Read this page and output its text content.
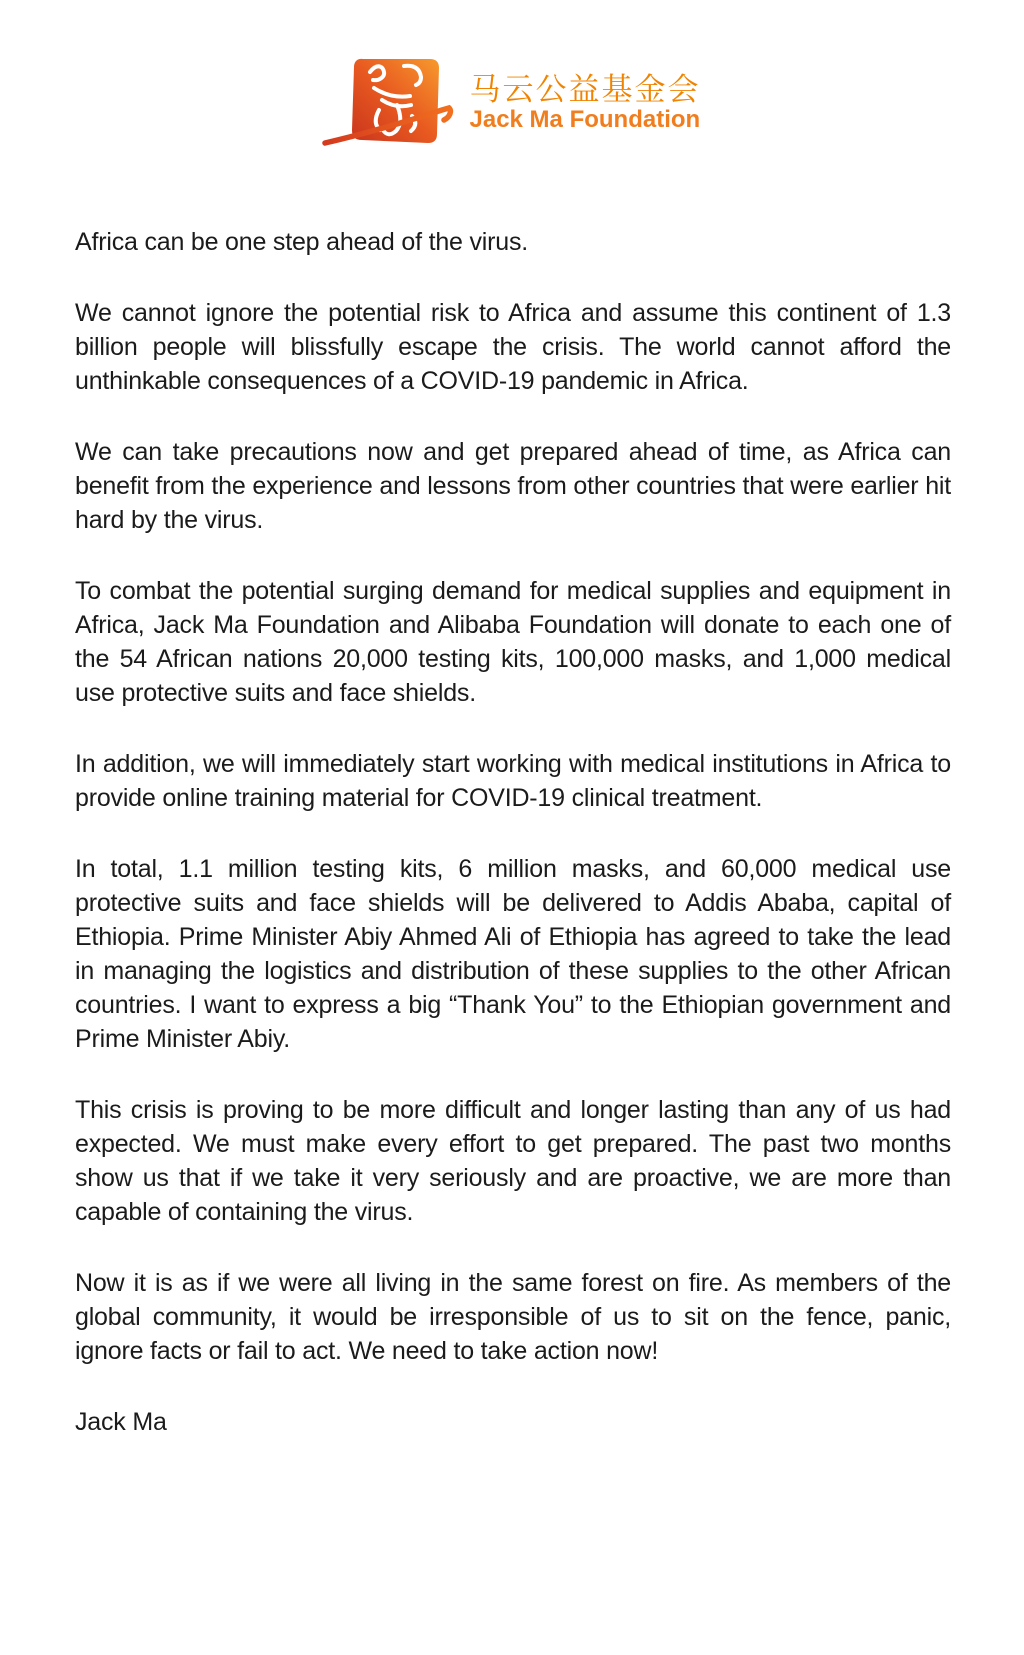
马云公益基金会
Jack Ma Foundation

Africa can be one step ahead of the virus.

We cannot ignore the potential risk to Africa and assume this continent of 1.3 billion people will blissfully escape the crisis. The world cannot afford the unthinkable consequences of a COVID-19 pandemic in Africa.

We can take precautions now and get prepared ahead of time, as Africa can benefit from the experience and lessons from other countries that were earlier hit hard by the virus.

To combat the potential surging demand for medical supplies and equipment in Africa, Jack Ma Foundation and Alibaba Foundation will donate to each one of the 54 African nations 20,000 testing kits, 100,000 masks, and 1,000 medical use protective suits and face shields.

In addition, we will immediately start working with medical institutions in Africa to provide online training material for COVID-19 clinical treatment.

In total, 1.1 million testing kits, 6 million masks, and 60,000 medical use protective suits and face shields will be delivered to Addis Ababa, capital of Ethiopia. Prime Minister Abiy Ahmed Ali of Ethiopia has agreed to take the lead in managing the logistics and distribution of these supplies to the other African countries. I want to express a big “Thank You” to the Ethiopian government and Prime Minister Abiy.

This crisis is proving to be more difficult and longer lasting than any of us had expected. We must make every effort to get prepared. The past two months show us that if we take it very seriously and are proactive, we are more than capable of containing the virus.

Now it is as if we were all living in the same forest on fire. As members of the global community, it would be irresponsible of us to sit on the fence, panic, ignore facts or fail to act. We need to take action now!

Jack Ma
